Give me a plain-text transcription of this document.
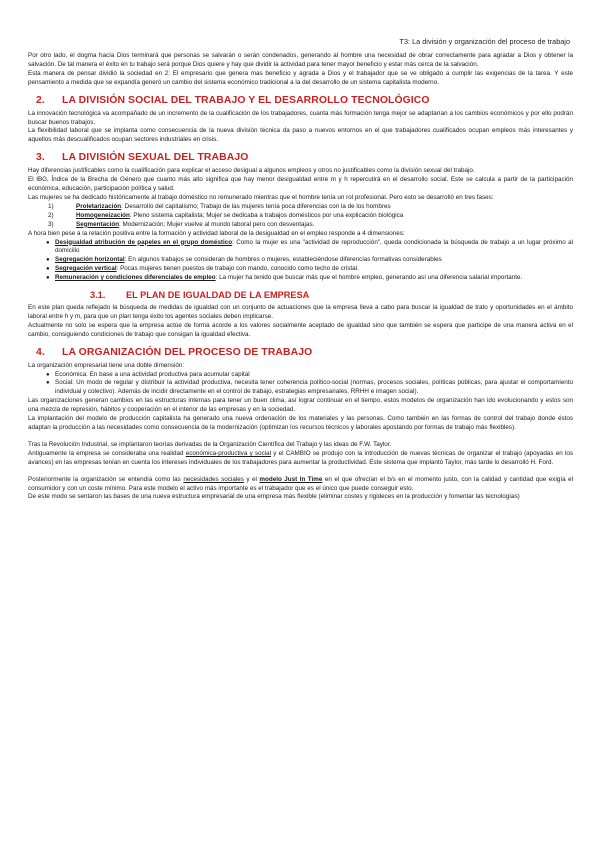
T3: La división y organización del proceso de trabajo

Por otro lado, el dogma hacía Dios terminará que personas se salvarán o serán condenados, generando al hombre una necesidad de obrar correctamente para agradar a Dios y obtener la salvación. De tal manera el éxito en tu trabajo será porque Dios quiere y hay que dividir la actividad para tener mayor beneficio y estar más cerca de la salvación.

Esta manera de pensar dividió la sociedad en 2: El empresario que genera mas beneficio y agrada a Dios y el trabajador que se ve obligado a cumplir las exigencias de la tarea. Y este pensamiento a medida que se expandía generó un cambio del sistema económico tradicional a la del desarrollo de un sistema capitalista moderno.

2. LA DIVISIÓN SOCIAL DEL TRABAJO Y EL DESARROLLO TECNOLÓGICO

La innovación tecnológica va acompañado de un incremento de la cualificación de los trabajadores, cuanta más formación tenga mejor se adaptarían a los cambios económicos y por ello podrán buscar buenos trabajos.

La flexibilidad laboral que se implanta como consecuencia de la nueva división técnica da paso a nuevos entornos en el que trabajadores cualificados ocupan empleos más interesantes y aquellos más descualificados ocupan sectores industriales en crisis.

3. LA DIVISIÓN SEXUAL DEL TRABAJO

Hay diferencias justificables como la cualificación para explicar el acceso desigual a algunos empleos y otros no justificables como la división sexual del trabajo.

El IBG, Índice de la Brecha de Género que cuanto más alto significa que hay menor desigualdad entre m y h repercutirá en el desarrollo social. Este se calcula a partir de la participación económica, educación, participación política y salud.

Las mujeres se ha dedicado históricamente al trabajo doméstico no remunerado mientras que el hombre tenía un rol profesional. Pero esto se desarrolló en tres fases:

1)	Proletarización: Desarrollo del capitalismo; Trabajo de las mujeres tenía poca diferencias con la de los hombres
2)	Homogeneización: Pleno sistema capitalista; Mujer se dedicaba a trabajos domésticos por una explicación biológica
3)	Segmentación: Modernización; Mujer vuelve al mundo laboral pero con desventajas.

A hora bien pese a la relación positiva entre la formación y actividad laboral de la desigualdad en el empleo responde a 4 dimensiones:

● Desigualdad atribución de papeles en el grupo doméstico: Como la mujer es una "actividad de reproducción", queda condicionada la búsqueda de trabajo a un lugar próximo al domicilio
● Segregación horizontal: En algunos trabajos se consideran de hombres o mujeres, estableciéndose diferencias formativas considerables
● Segregación vertical: Pocas mujeres tienen puestos de trabajo con mando, conocido como techo de cristal.
● Remuneración y condiciones diferenciales de empleo: La mujer ha tenido que buscar más que el hombre empleo, generando así una diferencia salarial importante.
3.1. EL PLAN DE IGUALDAD DE LA EMPRESA

En este plan queda reflejado la búsqueda de medidas de igualdad con un conjunto de actuaciones que la empresa lleva a cabo para buscar la igualdad de trato y oportunidades en el ámbito laboral entre h y m, para que un plan tenga éxito los agentes sociales deben implicarse.

Actualmente no solo se espera que la empresa actúe de forma acorde a los valores socialmente aceptado de igualdad sino que también se espera que participe de una manera activa en el cambio, consiguiendo condiciones de trabajo que consigan la igualdad efectiva.

4. LA ORGANIZACIÓN DEL PROCESO DE TRABAJO

La organización empresarial tiene una doble dimensión:

● Económica: En base a una actividad productiva para acumular capital
● Social: Un modo de regular y distribuir la actividad productiva, necesita tener coherencia político-social (normas, procesos sociales, políticas públicas, para ajustar el comportamiento individual y colectivo). Además de incidir directamente en el control de trabajo, estrategias empresariales, RRHH e imagen social).

Las organizaciones generan cambios en las estructuras internas para tener un buen clima, así lograr continuar en el tiempo, estos modelos de organización han ido evolucionando y estos son una mezcla de represión, hábitos y cooperación en el interior de las empresas y en la sociedad.

La implantación del modelo de producción capitalista ha generado una nueva ordenación de los materiales y las personas. Como también en las formas de control del trabajo donde éstos adaptan la producción a las necesidades como consecuencia de la modernización (optimizan los recursos técnicos y laborales apostando por formas de trabajo más flexibles).

Tras la Revolución Industrial, se implantaron teorías derivadas de la Organización Científica del Trabajo y las ideas de F.W. Taylor.

Antiguamente la empresa se consideraba una realidad económica-productiva y social y el CAMBIO se produjo con la introducción de nuevas técnicas de organizar el trabajo (apoyadas en los avances) en las empresas tenían en cuenta los intereses individuales de los trabajadores para aumentar la productividad. Este sistema que implantó Taylor, más tarde lo desarrolló H. Ford.

Posteriormente la organización se entendía como las necesidades sociales y el modelo Just In Time en el que ofrecían el b/s en el momento justo, con la calidad y cantidad que exigía el consumidor y con un coste mínimo. Para este modelo el activo más importante es el trabajador que es el único que puede conseguir esto.

De este modo se sentaron las bases de una nueva estructura empresarial de una empresa más flexible (eliminar costes y rigideces en la producción y fomentar las tecnologías)
